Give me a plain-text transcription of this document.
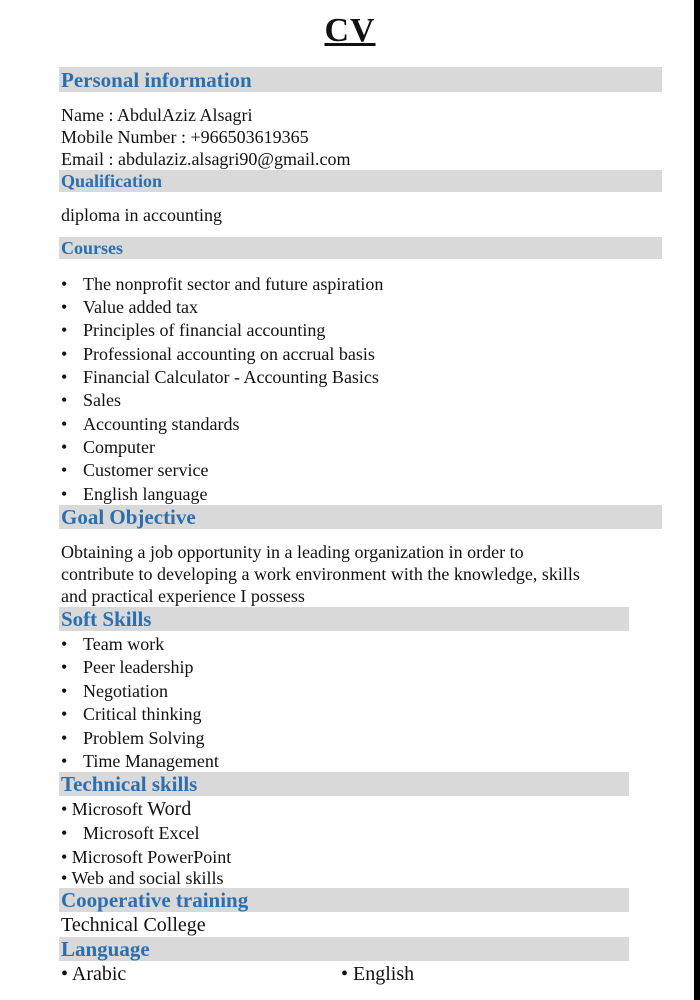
CV
Personal information
Name : AbdulAziz Alsagri
Mobile Number : +966503619365
Email : abdulaziz.alsagri90@gmail.com
Qualification
diploma in accounting
Courses
• The nonprofit sector and future aspiration
• Value added tax
• Principles of financial accounting
• Professional accounting on accrual basis
• Financial Calculator - Accounting Basics
• Sales
• Accounting standards
• Computer
• Customer service
• English language
Goal Objective
Obtaining a job opportunity in a leading organization in order to
contribute to developing a work environment with the knowledge, skills
and practical experience I possess
Soft Skills
• Team work
• Peer leadership
• Negotiation
• Critical thinking
• Problem Solving
• Time Management
Technical skills
• Microsoft Word
• Microsoft Excel
• Microsoft PowerPoint
• Web and social skills
Cooperative training
Technical College
Language
• Arabic	• English
